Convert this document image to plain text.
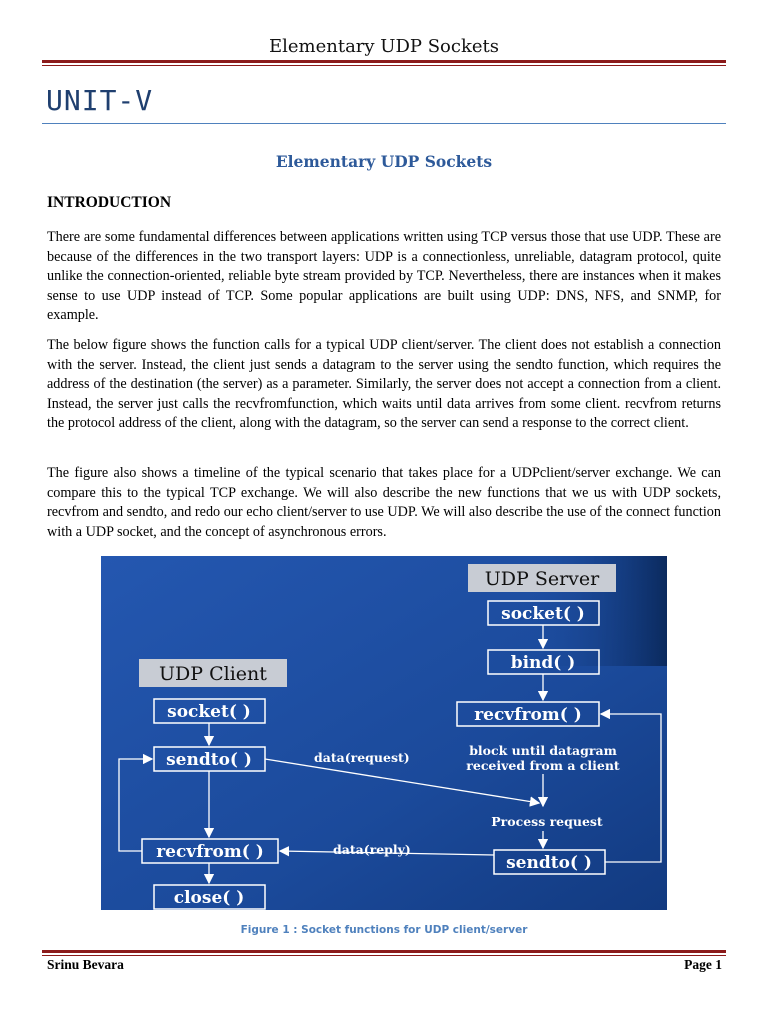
Elementary UDP Sockets
UNIT-V
Elementary UDP Sockets
INTRODUCTION

There are some fundamental differences between applications written using TCP versus those that use UDP. These are because of the differences in the two transport layers: UDP is a connectionless, unreliable, datagram protocol, quite unlike the connection-oriented, reliable byte stream provided by TCP. Nevertheless, there are instances when it makes sense to use UDP instead of TCP. Some popular applications are built using UDP: DNS, NFS, and SNMP, for example.

The below figure shows the function calls for a typical UDP client/server. The client does not establish a connection with the server. Instead, the client just sends a datagram to the server using the sendto function, which requires the address of the destination (the server) as a parameter. Similarly, the server does not accept a connection from a client. Instead, the server just calls the recvfromfunction, which waits until data arrives from some client. recvfrom returns the protocol address of the client, along with the datagram, so the server can send a response to the correct client.

The figure also shows a timeline of the typical scenario that takes place for a UDPclient/server exchange. We can compare this to the typical TCP exchange. We will also describe the new functions that we us with UDP sockets, recvfrom and sendto, and redo our echo client/server to use UDP. We will also describe the use of the connect function with a UDP socket, and the concept of asynchronous errors.

UDP Server
UDP Client
socket( )
bind( )
recvfrom( )
block until datagram
received from a client
Process request
sendto( )
socket( )
sendto( )
recvfrom( )
close( )
data(request)
data(reply)
Figure 1 : Socket functions for UDP client/server
Srinu Bevara	Page 1
